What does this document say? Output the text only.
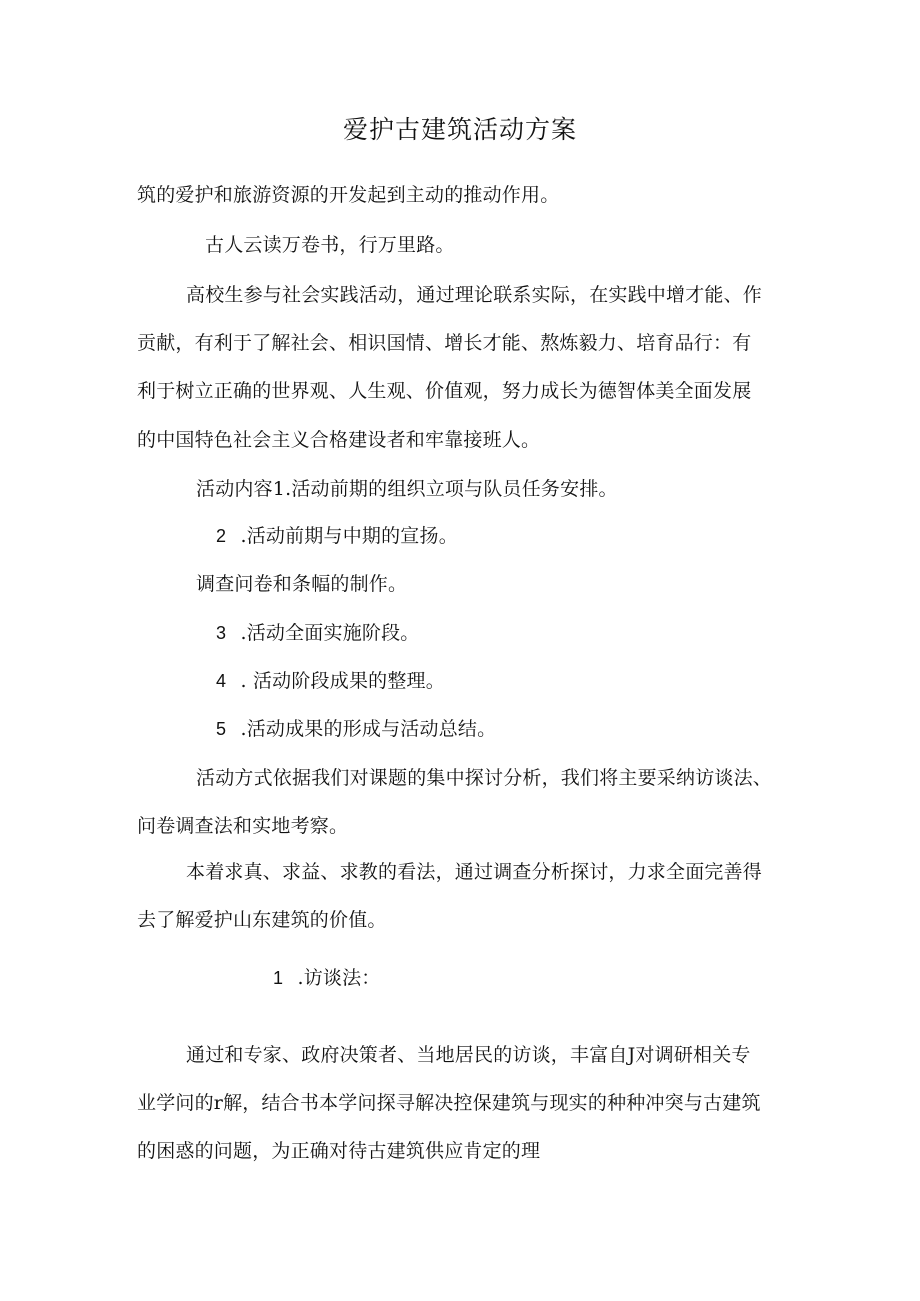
爱护古建筑活动方案
筑的爱护和旅游资源的开发起到主动的推动作用。
古人云读万卷书，行万里路。
高校生参与社会实践活动，通过理论联系实际，在实践中增才能、作
贡献，有利于了解社会、相识国情、增长才能、熬炼毅力、培育品行：有
利于树立正确的世界观、人生观、价值观，努力成长为德智体美全面发展
的中国特色社会主义合格建设者和牢靠接班人。
活动内容1.活动前期的组织立项与队员任务安排。
2 .活动前期与中期的宣扬。
调查问卷和条幅的制作。
3 .活动全面实施阶段。
4 . 活动阶段成果的整理。
5 .活动成果的形成与活动总结。
活动方式依据我们对课题的集中探讨分析，我们将主要采纳访谈法、
问卷调查法和实地考察。
本着求真、求益、求教的看法，通过调查分析探讨，力求全面完善得
去了解爱护山东建筑的价值。
1 .访谈法：
通过和专家、政府决策者、当地居民的访谈，丰富自J对调研相关专
业学问的r解，结合书本学问探寻解决控保建筑与现实的种种冲突与古建筑
的困惑的问题，为正确对待古建筑供应肯定的理
